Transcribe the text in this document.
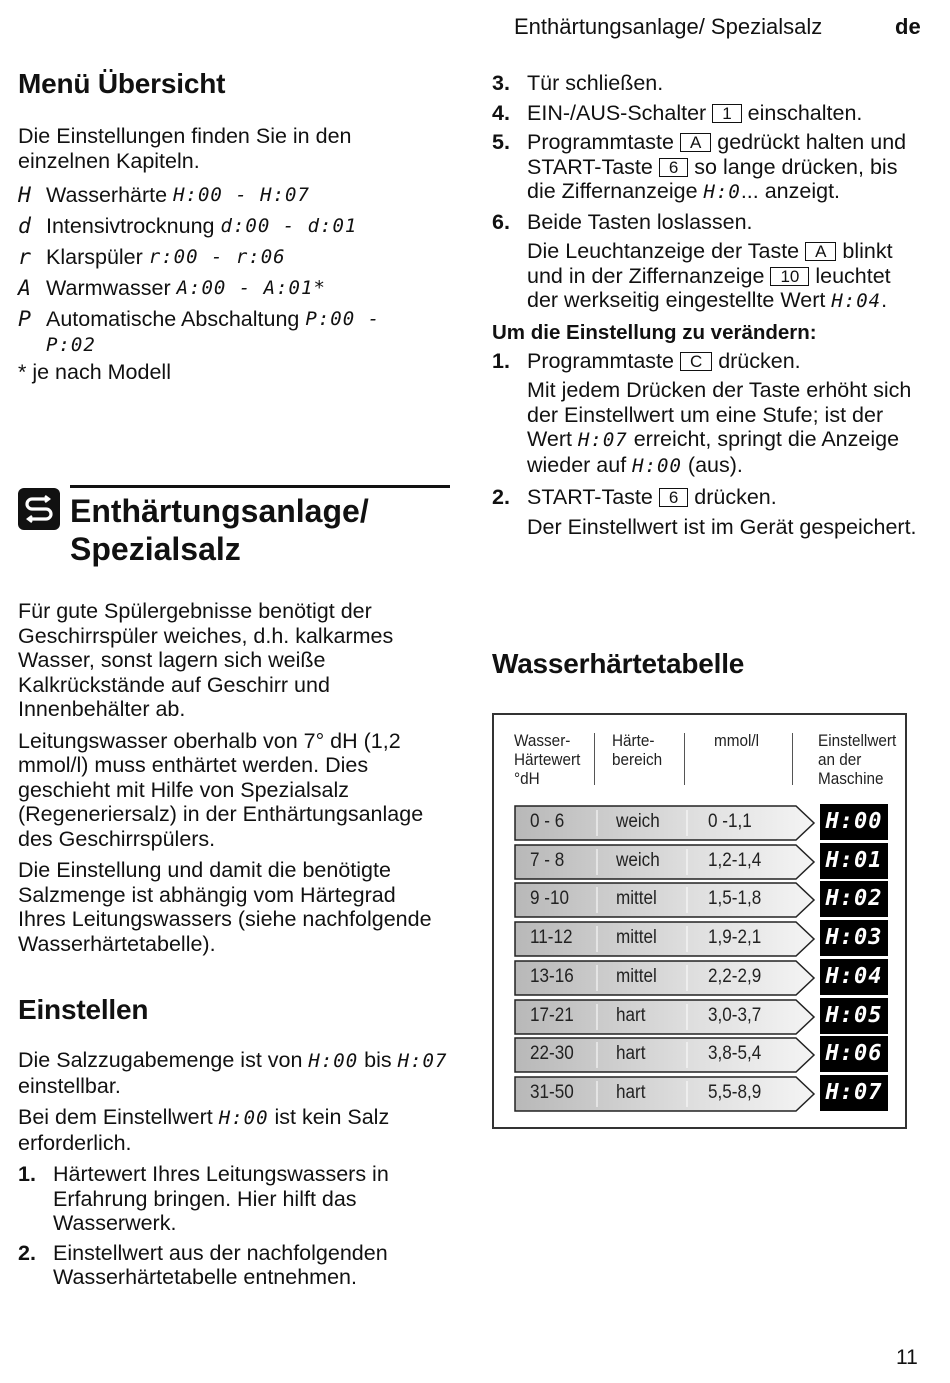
Enthärtungsanlage/ Spezialsalz	de
11
Menü Übersicht

Die Einstellungen finden Sie in den einzelnen Kapiteln.

H Wasserhärte
H:00 - H:07
d Intensivtrocknung
d:00 - d:01
r Klarspüler
r:00 - r:06
A Warmwasser
A:00 - A:01*
P Automatische Abschaltung
P:00 -
P:02
* je nach Modell
Enthärtungsanlage/
Spezialsalz

Für gute Spülergebnisse benötigt der Geschirrspüler weiches, d.h. kalkarmes Wasser, sonst lagern sich weiße Kalkrückstände auf Geschirr und Innenbehälter ab.

Leitungswasser oberhalb von 7° dH (1,2 mmol/l) muss enthärtet werden. Dies geschieht mit Hilfe von Spezialsalz (Regeneriersalz) in der Enthärtungsanlage des Geschirrspülers.

Die Einstellung und damit die benötigte Salzmenge ist abhängig vom Härtegrad Ihres Leitungswassers (siehe nachfolgende Wasserhärtetabelle).

Einstellen

Die Salzzugabemenge ist von H:00 bis H:07 einstellbar.

Bei dem Einstellwert H:00 ist kein Salz erforderlich.

1. Härtewert Ihres Leitungswassers in Erfahrung bringen. Hier hilft das Wasserwerk.
2. Einstellwert aus der nachfolgenden Wasserhärtetabelle entnehmen.
3. Tür schließen.
4. EIN-/AUS-Schalter 1 einschalten.
5. Programmtaste A gedrückt halten und START-Taste 6 so lange drücken, bis die Ziffernanzeige H:0... anzeigt.
6. Beide Tasten loslassen.

Die Leuchtanzeige der Taste A blinkt und in der Ziffernanzeige 10 leuchtet der werkseitig eingestellte Wert H:04.

Um die Einstellung zu verändern:
1. Programmtaste C drücken.

Mit jedem Drücken der Taste erhöht sich der Einstellwert um eine Stufe; ist der Wert H:07 erreicht, springt die Anzeige wieder auf H:00 (aus).

2. START-Taste 6 drücken.

Der Einstellwert ist im Gerät gespeichert.

Wasserhärtetabelle
Wasser-
Härtewert
°dH
Härte-
bereich
mmol/l	Einstellwert
an der
Maschine
0 - 6	weich	0 -1,1	H:00
7 - 8	weich	1,2-1,4	H:01
9 -10 mittel	1,5-1,8	H:02
11-12 mittel	1,9-2,1	H:03
13-16 mittel	2,2-2,9	H:04
17-21 hart	3,0-3,7	H:05
22-30 hart	3,8-5,4	H:06
31-50 hart	5,5-8,9	H:07
